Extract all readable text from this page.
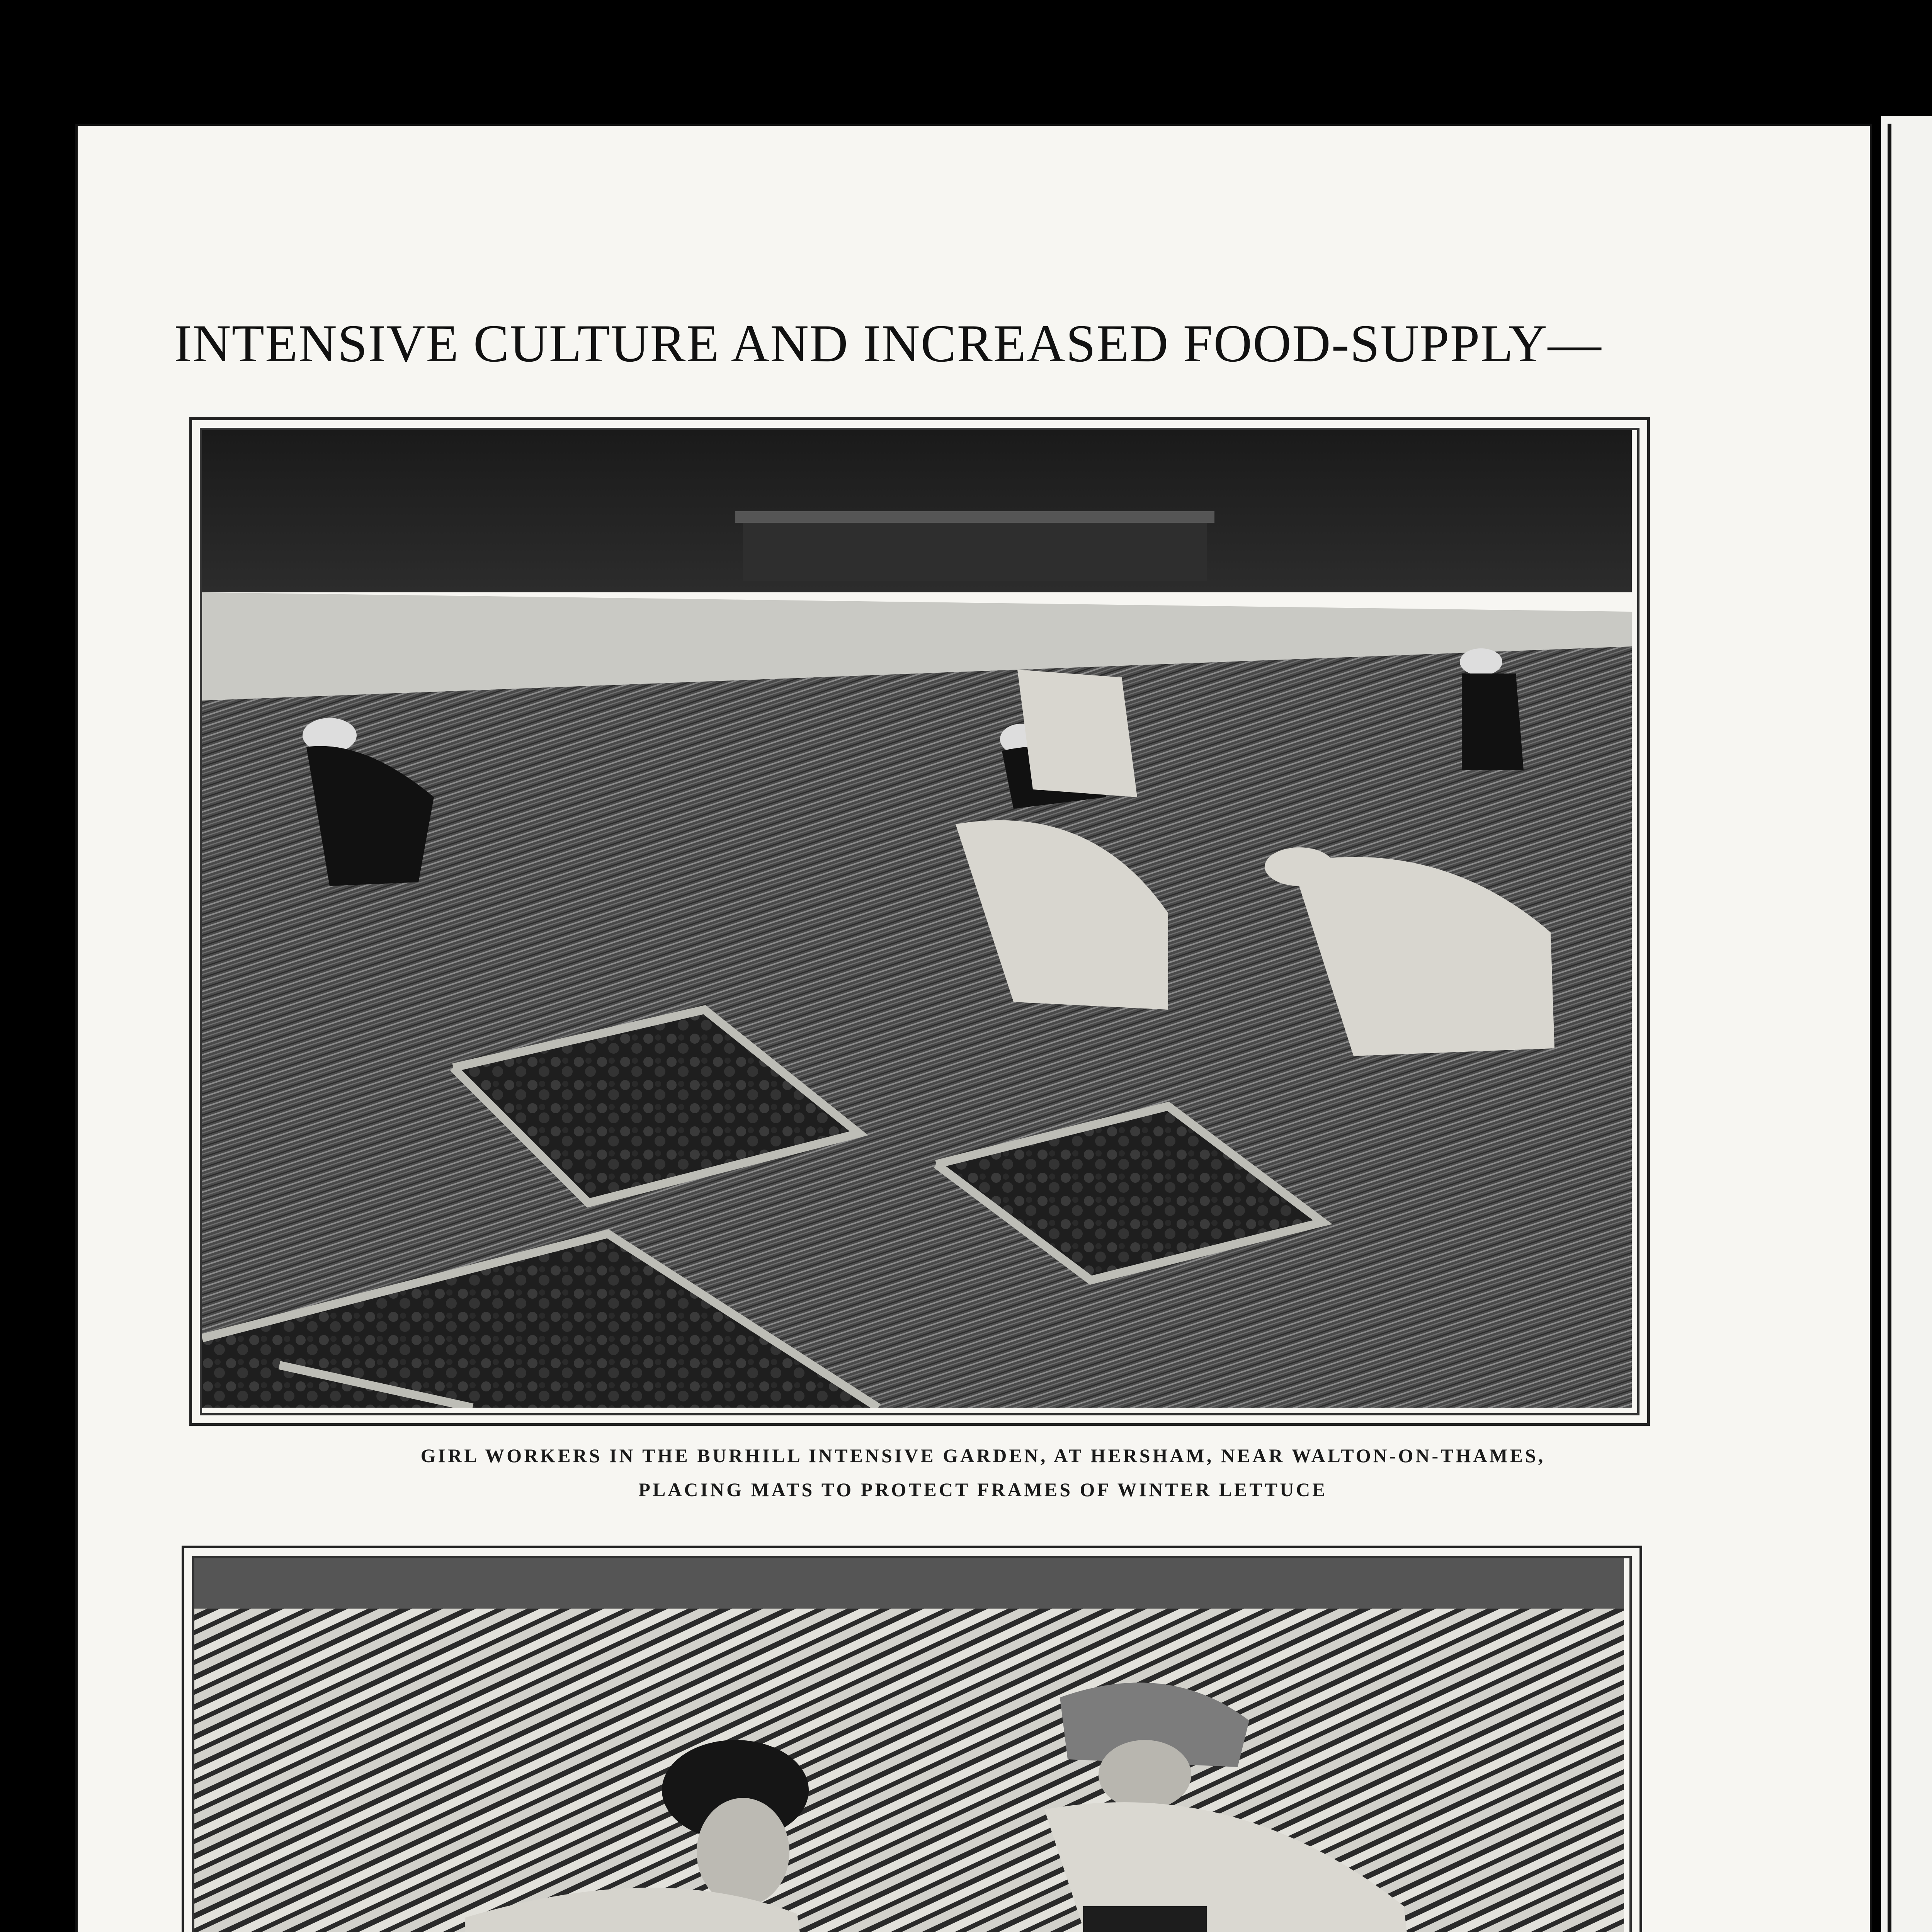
INTENSIVE CULTURE AND INCREASED FOOD-SUPPLY—
GIRL WORKERS IN THE BURHILL INTENSIVE GARDEN, AT HERSHAM, NEAR WALTON-ON-THAMES,
PLACING MATS TO PROTECT FRAMES OF WINTER LETTUCE
